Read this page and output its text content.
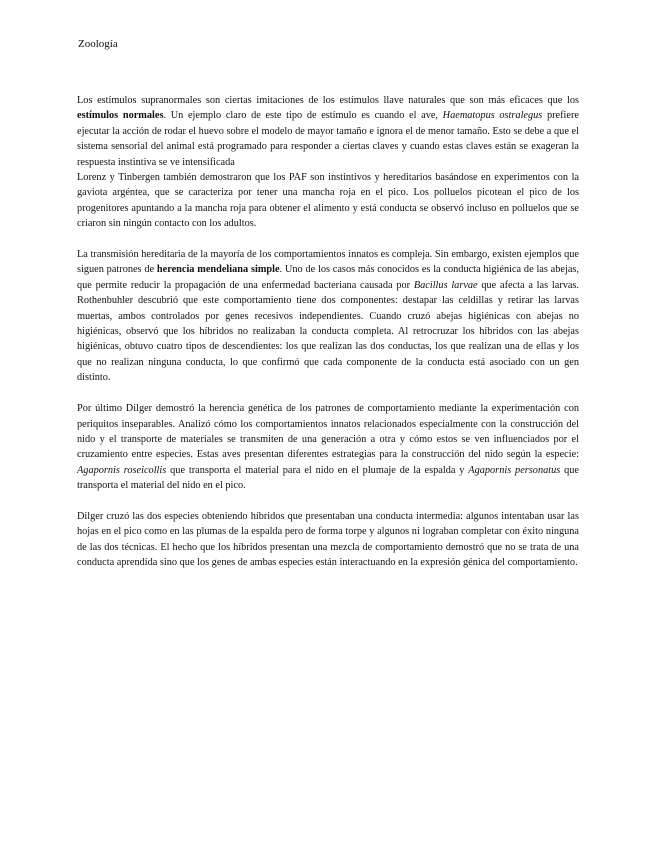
Zoología

Los estímulos supranormales son ciertas imitaciones de los estímulos llave naturales que son más eficaces que los estímulos normales. Un ejemplo claro de este tipo de estímulo es cuando el ave, Haematopus ostralegus prefiere ejecutar la acción de rodar el huevo sobre el modelo de mayor tamaño e ignora el de menor tamaño. Esto se debe a que el sistema sensorial del animal está programado para responder a ciertas claves y cuando estas claves están se exageran la respuesta instintiva se ve intensificada

Lorenz y Tinbergen también demostraron que los PAF son instintivos y hereditarios basándose en experimentos con la gaviota argéntea, que se caracteriza por tener una mancha roja en el pico. Los polluelos picotean el pico de los progenitores apuntando a la mancha roja para obtener el alimento y está conducta se observó incluso en polluelos que se criaron sin ningún contacto con los adultos.

La transmisión hereditaria de la mayoría de los comportamientos innatos es compleja. Sin embargo, existen ejemplos que siguen patrones de herencia mendeliana simple. Uno de los casos más conocidos es la conducta higiénica de las abejas, que permite reducir la propagación de una enfermedad bacteriana causada por Bacillus larvae que afecta a las larvas. Rothenbuhler descubrió que este comportamiento tiene dos componentes: destapar las celdillas y retirar las larvas muertas, ambos controlados por genes recesivos independientes. Cuando cruzó abejas higiénicas con abejas no higiénicas, observó que los híbridos no realizaban la conducta completa. Al retrocruzar los híbridos con las abejas higiénicas, obtuvo cuatro tipos de descendientes: los que realizan las dos conductas, los que realizan una de ellas y los que no realizan ninguna conducta, lo que confirmó que cada componente de la conducta está asociado con un gen distinto.

Por último Dilger demostró la herencia genética de los patrones de comportamiento mediante la experimentación con periquitos inseparables. Analizó cómo los comportamientos innatos relacionados especialmente con la construcción del nido y el transporte de materiales se transmiten de una generación a otra y cómo estos se ven influenciados por el cruzamiento entre especies. Estas aves presentan diferentes estrategias para la construcción del nido según la especie: Agapornis roseicollis que transporta el material para el nido en el plumaje de la espalda y Agapornis personatus que transporta el material del nido en el pico.

Dilger cruzó las dos especies obteniendo híbridos que presentaban una conducta intermedia: algunos intentaban usar las hojas en el pico como en las plumas de la espalda pero de forma torpe y algunos ni lograban completar con éxito ninguna de las dos técnicas. El hecho que los híbridos presentan una mezcla de comportamiento demostró que no se trata de una conducta aprendida sino que los genes de ambas especies están interactuando en la expresión génica del comportamiento.
